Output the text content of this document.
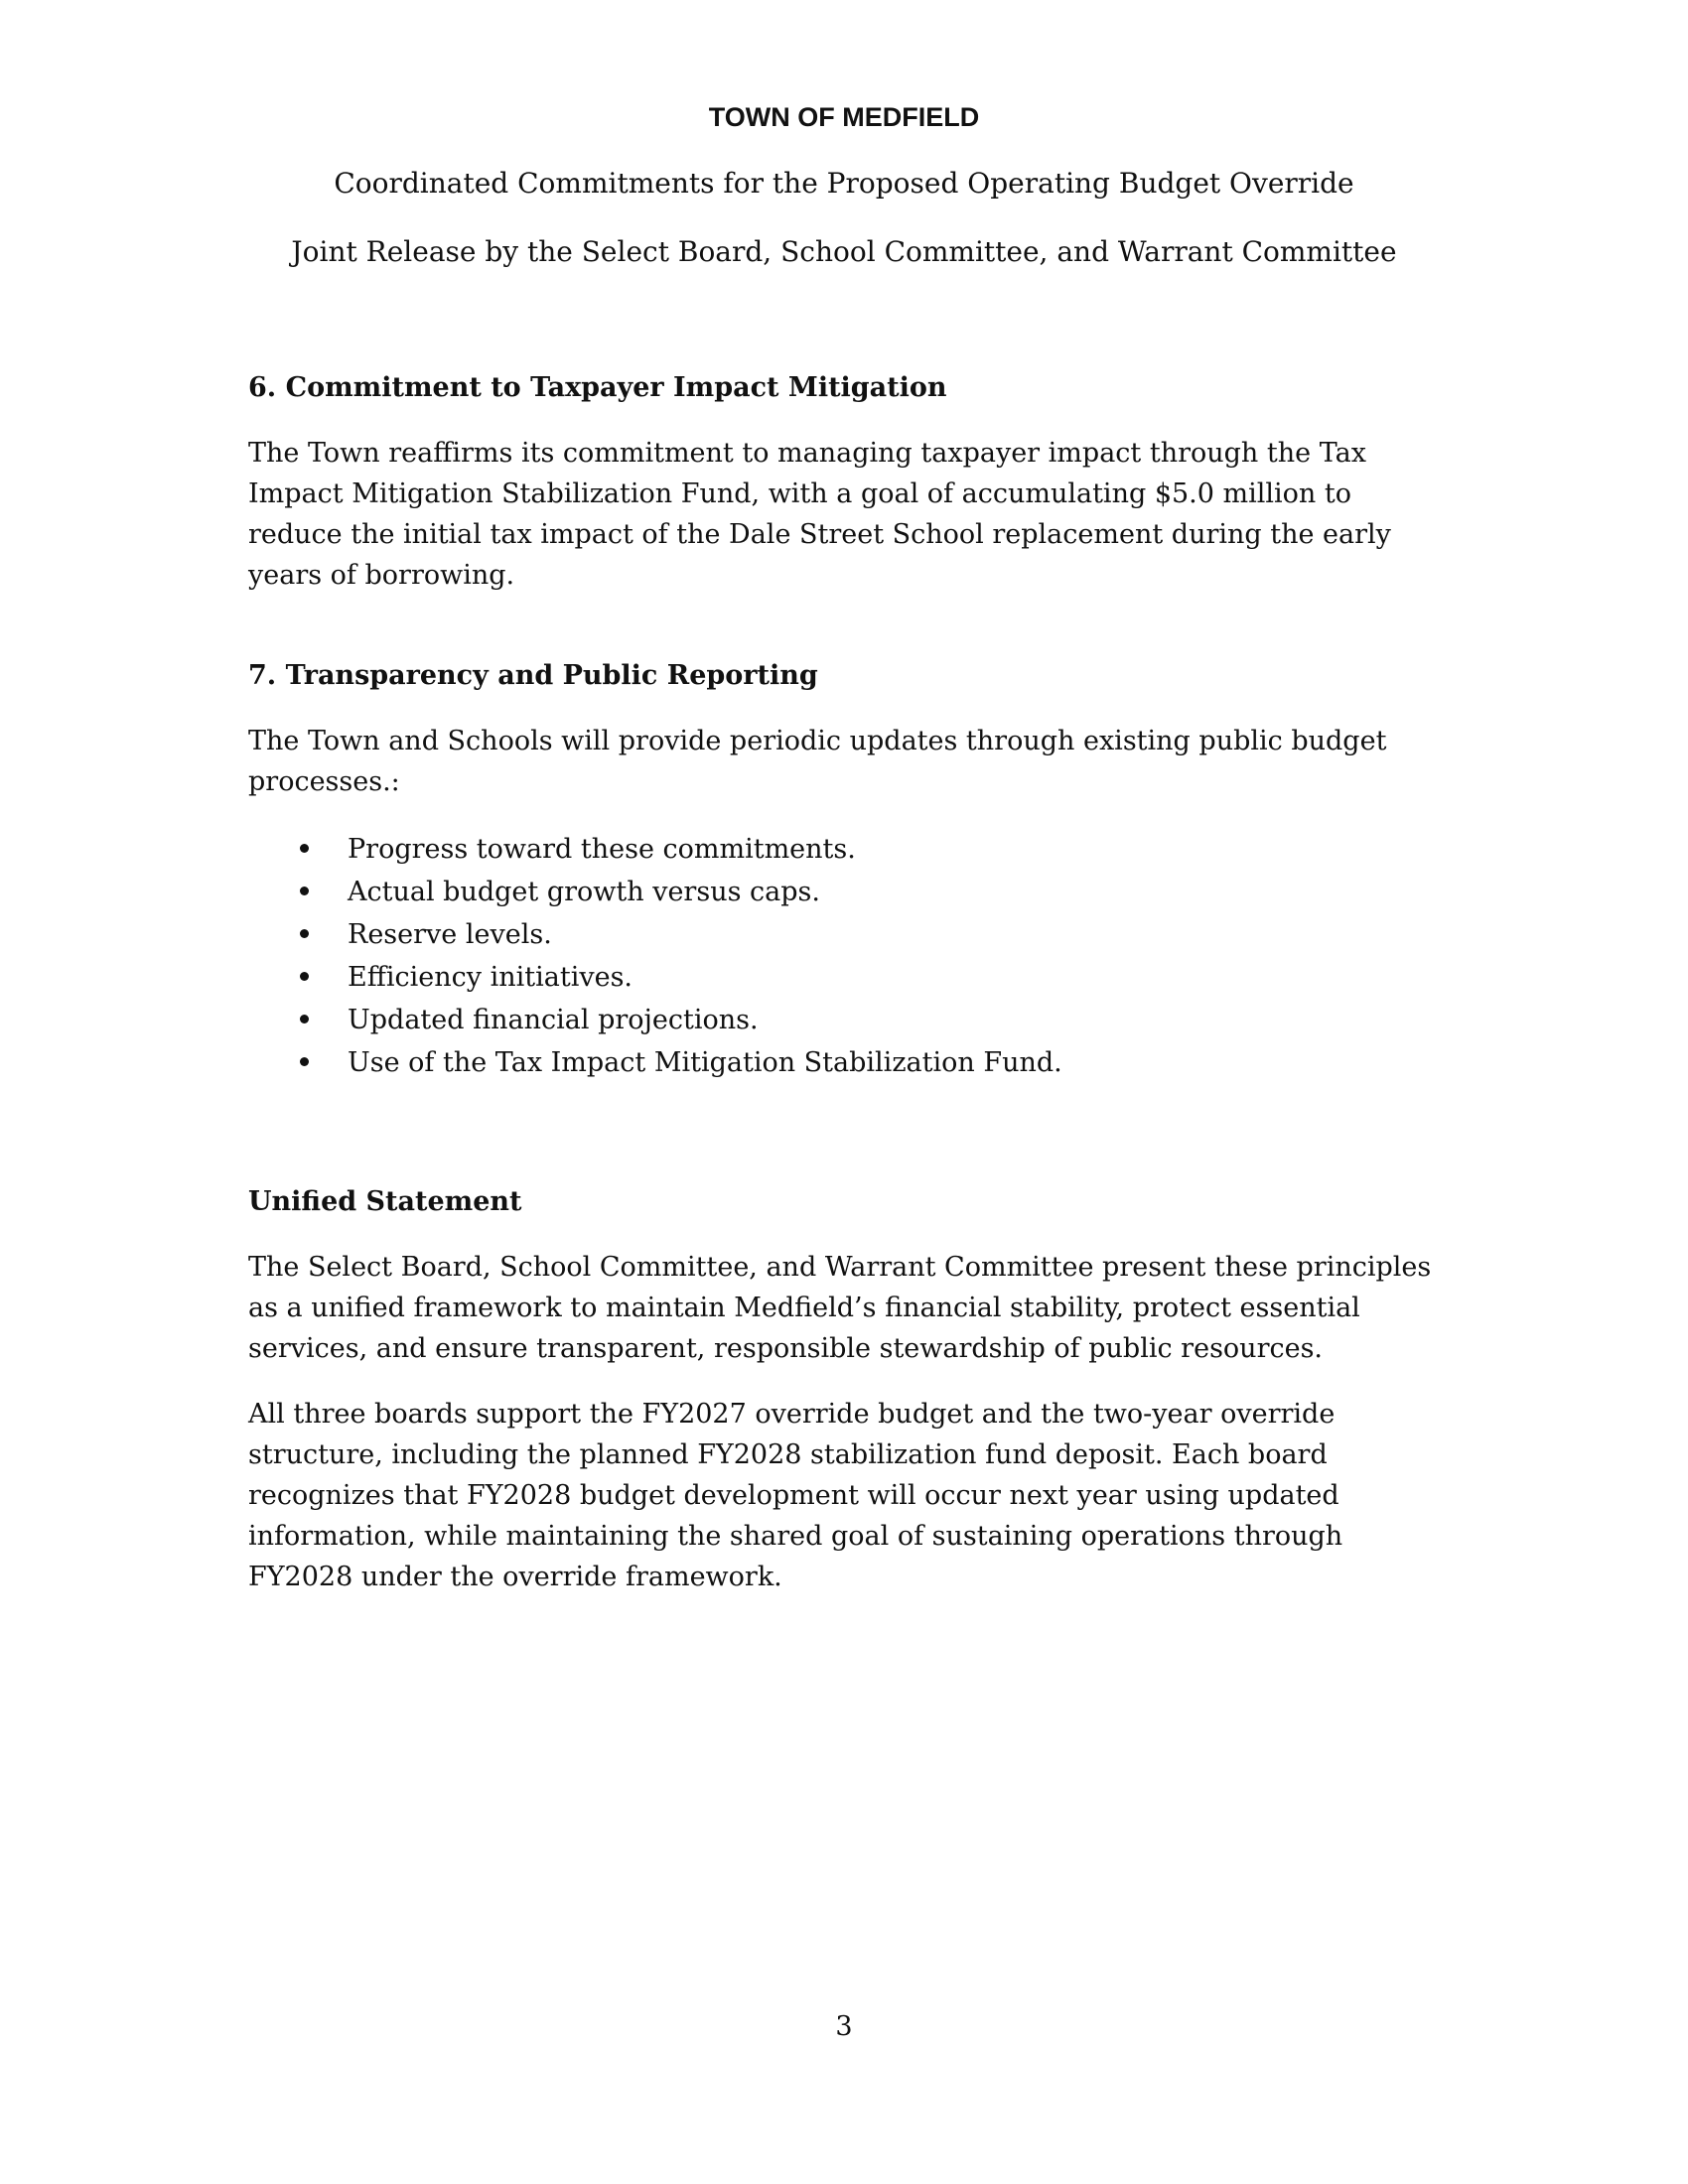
TOWN OF MEDFIELD
Coordinated Commitments for the Proposed Operating Budget Override
Joint Release by the Select Board, School Committee, and Warrant Committee
6. Commitment to Taxpayer Impact Mitigation
The Town reaffirms its commitment to managing taxpayer impact through the Tax Impact Mitigation Stabilization Fund, with a goal of accumulating $5.0 million to reduce the initial tax impact of the Dale Street School replacement during the early years of borrowing.
7. Transparency and Public Reporting
The Town and Schools will provide periodic updates through existing public budget processes.:
Progress toward these commitments.
Actual budget growth versus caps.
Reserve levels.
Efficiency initiatives.
Updated financial projections.
Use of the Tax Impact Mitigation Stabilization Fund.
Unified Statement
The Select Board, School Committee, and Warrant Committee present these principles as a unified framework to maintain Medfield’s financial stability, protect essential services, and ensure transparent, responsible stewardship of public resources.
All three boards support the FY2027 override budget and the two-year override structure, including the planned FY2028 stabilization fund deposit. Each board recognizes that FY2028 budget development will occur next year using updated information, while maintaining the shared goal of sustaining operations through FY2028 under the override framework.
3
